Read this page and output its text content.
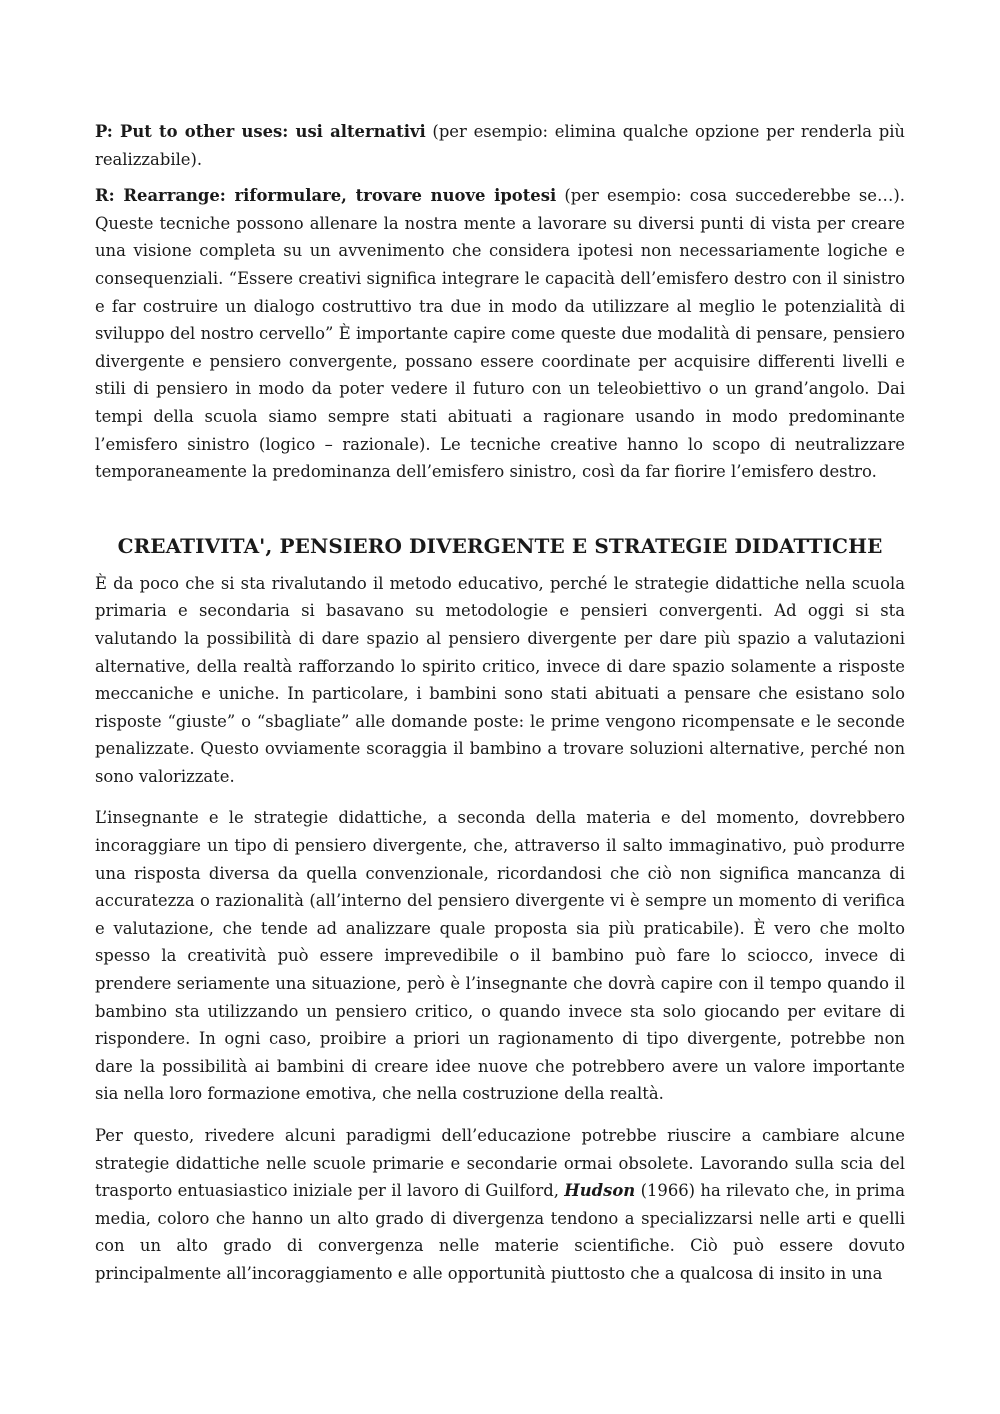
P: Put to other uses: usi alternativi (per esempio: elimina qualche opzione per renderla più realizzabile).

R: Rearrange: riformulare, trovare nuove ipotesi (per esempio: cosa succederebbe se…). Queste tecniche possono allenare la nostra mente a lavorare su diversi punti di vista per creare una visione completa su un avvenimento che considera ipotesi non necessariamente logiche e consequenziali. “Essere creativi significa integrare le capacità dell’emisfero destro con il sinistro e far costruire un dialogo costruttivo tra due in modo da utilizzare al meglio le potenzialità di sviluppo del nostro cervello” È importante capire come queste due modalità di pensare, pensiero divergente e pensiero convergente, possano essere coordinate per acquisire differenti livelli e stili di pensiero in modo da poter vedere il futuro con un teleobiettivo o un grand’angolo. Dai tempi della scuola siamo sempre stati abituati a ragionare usando in modo predominante l’emisfero sinistro (logico – razionale). Le tecniche creative hanno lo scopo di neutralizzare temporaneamente la predominanza dell’emisfero sinistro, così da far fiorire l’emisfero destro.

CREATIVITA', PENSIERO DIVERGENTE E STRATEGIE DIDATTICHE

È da poco che si sta rivalutando il metodo educativo, perché le strategie didattiche nella scuola primaria e secondaria si basavano su metodologie e pensieri convergenti. Ad oggi si sta valutando la possibilità di dare spazio al pensiero divergente per dare più spazio a valutazioni alternative, della realtà rafforzando lo spirito critico, invece di dare spazio solamente a risposte meccaniche e uniche. In particolare, i bambini sono stati abituati a pensare che esistano solo risposte “giuste” o “sbagliate” alle domande poste: le prime vengono ricompensate e le seconde penalizzate. Questo ovviamente scoraggia il bambino a trovare soluzioni alternative, perché non sono valorizzate.

L’insegnante e le strategie didattiche, a seconda della materia e del momento, dovrebbero incoraggiare un tipo di pensiero divergente, che, attraverso il salto immaginativo, può produrre una risposta diversa da quella convenzionale, ricordandosi che ciò non significa mancanza di accuratezza o razionalità (all’interno del pensiero divergente vi è sempre un momento di verifica e valutazione, che tende ad analizzare quale proposta sia più praticabile). È vero che molto spesso la creatività può essere imprevedibile o il bambino può fare lo sciocco, invece di prendere seriamente una situazione, però è l’insegnante che dovrà capire con il tempo quando il bambino sta utilizzando un pensiero critico, o quando invece sta solo giocando per evitare di rispondere. In ogni caso, proibire a priori un ragionamento di tipo divergente, potrebbe non dare la possibilità ai bambini di creare idee nuove che potrebbero avere un valore importante sia nella loro formazione emotiva, che nella costruzione della realtà.

Per questo, rivedere alcuni paradigmi dell’educazione potrebbe riuscire a cambiare alcune strategie didattiche nelle scuole primarie e secondarie ormai obsolete. Lavorando sulla scia del trasporto entuasiastico iniziale per il lavoro di Guilford, Hudson (1966) ha rilevato che, in prima media, coloro che hanno un alto grado di divergenza tendono a specializzarsi nelle arti e quelli con un alto grado di convergenza nelle materie scientifiche. Ciò può essere dovuto principalmente all’incoraggiamento e alle opportunità piuttosto che a qualcosa di insito in una
